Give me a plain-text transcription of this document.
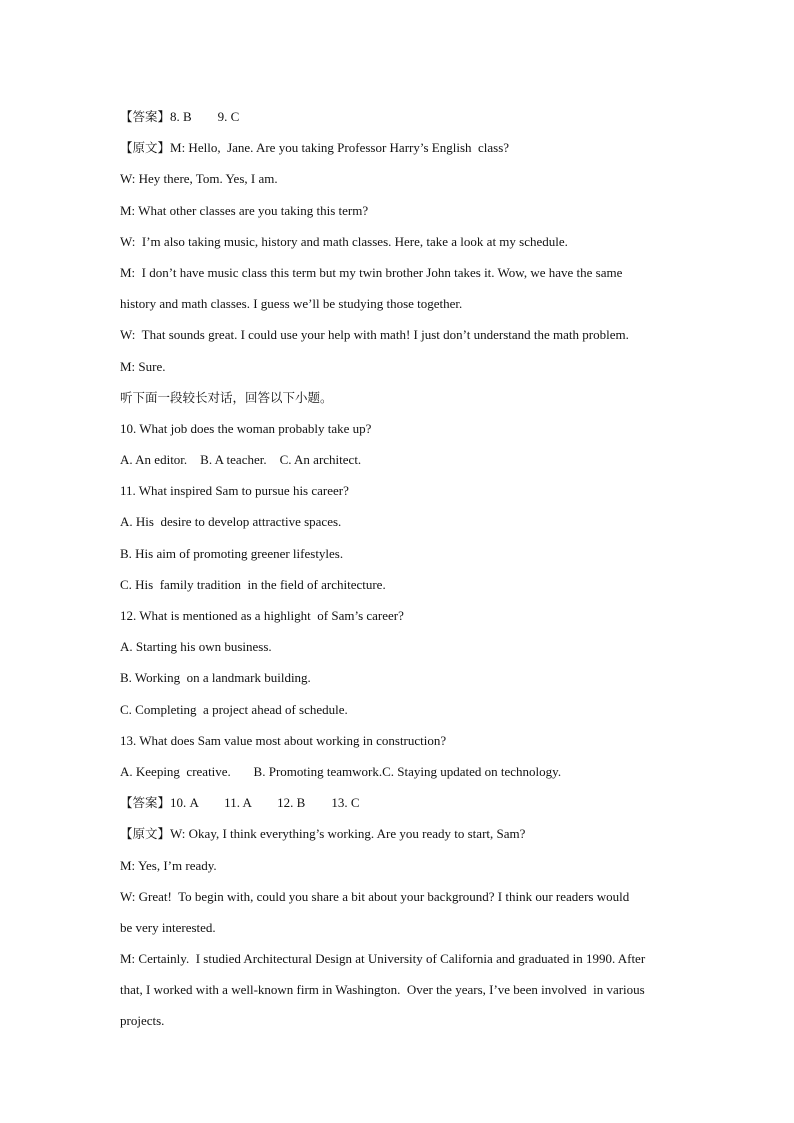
【答案】8. B        9. C
【原文】M: Hello,  Jane. Are you taking Professor Harry’s English  class?
W: Hey there, Tom. Yes, I am.
M: What other classes are you taking this term?
W:  I’m also taking music, history and math classes. Here, take a look at my schedule.
M:  I don’t have music class this term but my twin brother John takes it. Wow, we have the same
history and math classes. I guess we’ll be studying those together.
W:  That sounds great. I could use your help with math! I just don’t understand the math problem.
M: Sure.
听下面一段较长对话，回答以下小题。
10. What job does the woman probably take up?
A. An editor.    B. A teacher.    C. An architect.
11. What inspired Sam to pursue his career?
A. His  desire to develop attractive spaces.
B. His aim of promoting greener lifestyles.
C. His  family tradition  in the field of architecture.
12. What is mentioned as a highlight  of Sam’s career?
A. Starting his own business.
B. Working  on a landmark building.
C. Completing  a project ahead of schedule.
13. What does Sam value most about working in construction?
A. Keeping  creative.       B. Promoting teamwork.C. Staying updated on technology.
【答案】10. A        11. A        12. B        13. C
【原文】W: Okay, I think everything’s working. Are you ready to start, Sam?
M: Yes, I’m ready.
W: Great!  To begin with, could you share a bit about your background? I think our readers would
be very interested.
M: Certainly.  I studied Architectural Design at University of California and graduated in 1990. After
that, I worked with a well-known firm in Washington.  Over the years, I’ve been involved  in various
projects.
